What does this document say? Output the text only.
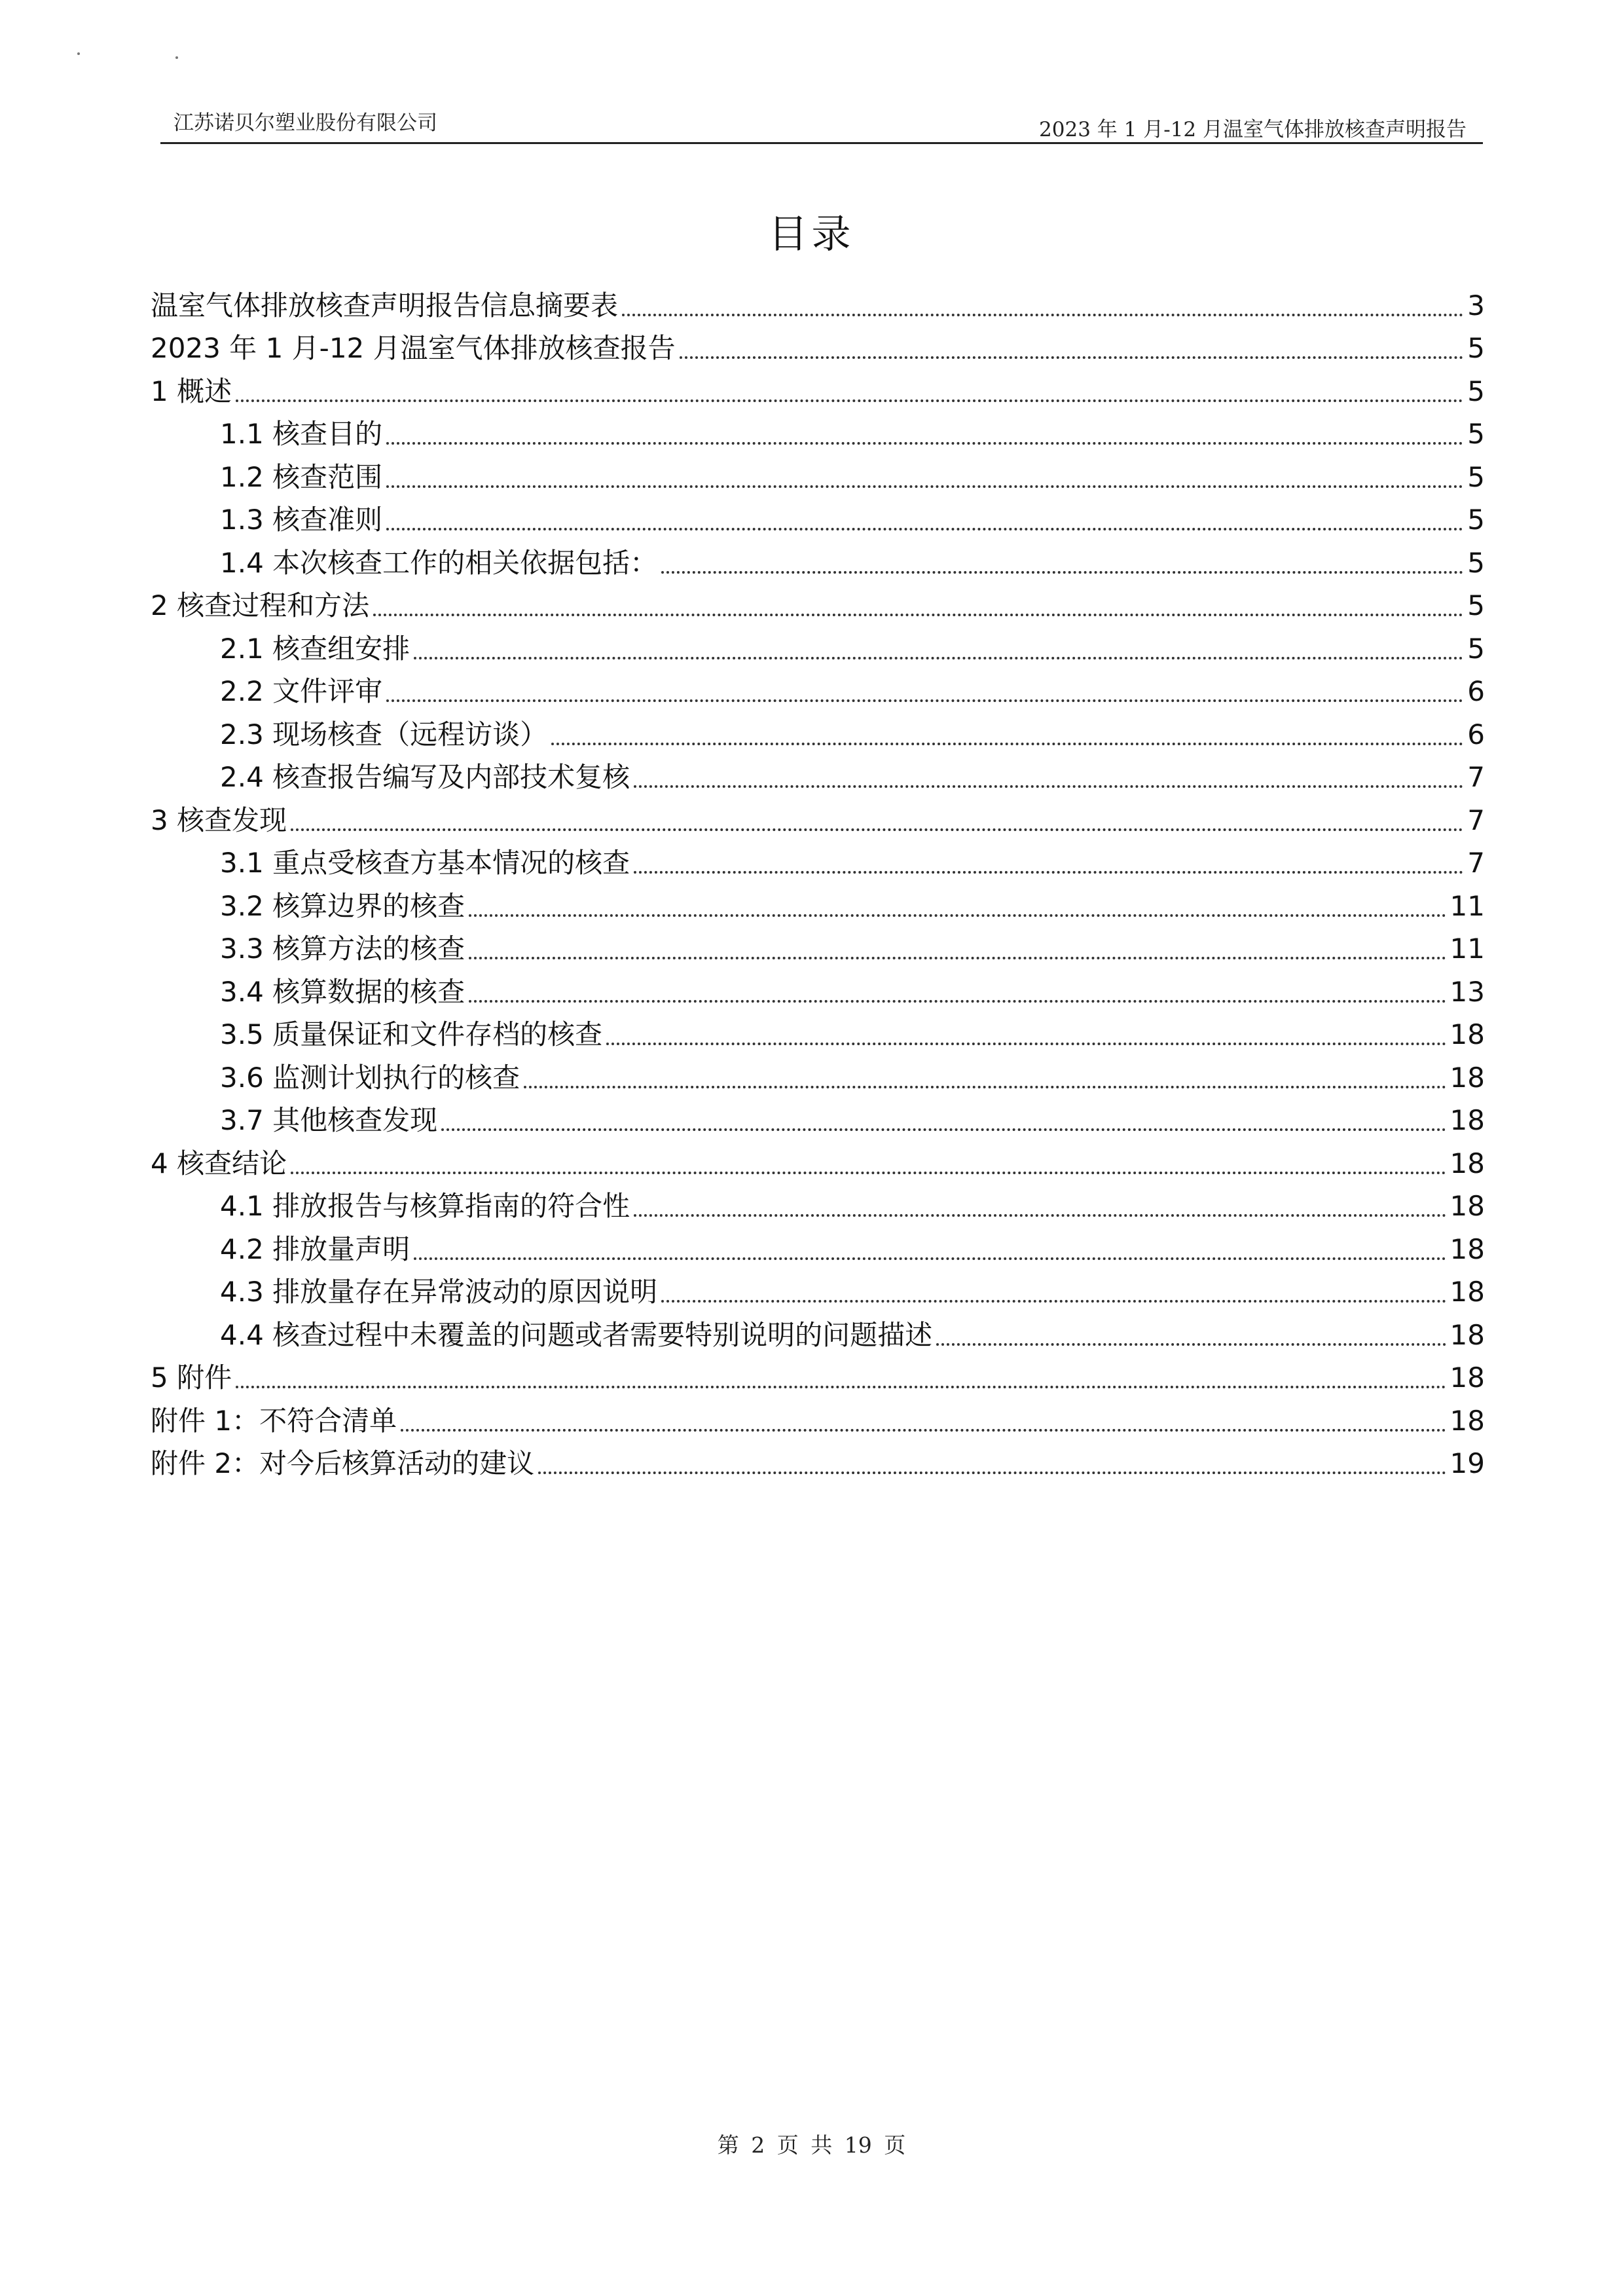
江苏诺贝尔塑业股份有限公司	2023 年 1 月-12 月温室气体排放核查声明报告
目录
温室气体排放核查声明报告信息摘要表	3
2023 年 1 月-12 月温室气体排放核查报告	5
1 概述	5
1.1 核查目的	5
1.2 核查范围	5
1.3 核查准则	5
1.4 本次核查工作的相关依据包括：	5
2 核查过程和方法	5
2.1 核查组安排	5
2.2 文件评审	6
2.3 现场核查（远程访谈）	6
2.4 核查报告编写及内部技术复核	7
3 核查发现	7
3.1 重点受核查方基本情况的核查	7
3.2 核算边界的核查	11
3.3 核算方法的核查	11
3.4 核算数据的核查	13
3.5 质量保证和文件存档的核查	18
3.6 监测计划执行的核查	18
3.7 其他核查发现	18
4 核查结论	18
4.1 排放报告与核算指南的符合性	18
4.2 排放量声明	18
4.3 排放量存在异常波动的原因说明	18
4.4 核查过程中未覆盖的问题或者需要特别说明的问题描述	18
5 附件	18
附件 1：不符合清单	18
附件 2：对今后核算活动的建议	19
第 2 页 共 19 页
